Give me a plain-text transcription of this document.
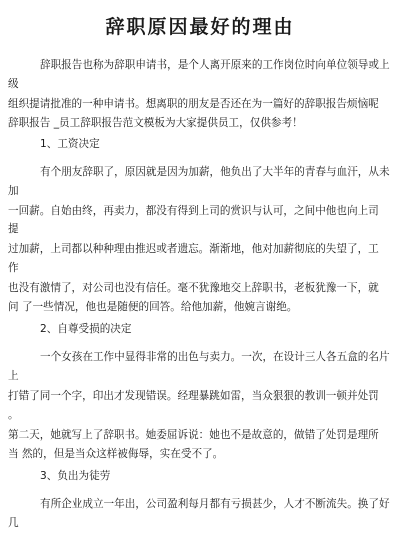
辞职原因最好的理由
辞职报告也称为辞职申请书，是个人离开原来的工作岗位时向单位领导或上
级
组织提请批准的一种申请书。想离职的朋友是否还在为一篇好的辞职报告烦恼呢
辞职报告 _员工辞职报告范文模板为大家提供员工，仅供参考！
1、工资决定
有个朋友辞职了，原因就是因为加薪，他负出了大半年的青春与血汗，从未
加
一回薪。自始由终，再卖力，都没有得到上司的赏识与认可，之间中他也向上司
提
过加薪，上司都以种种理由推迟或者遗忘。渐渐地，他对加薪彻底的失望了，工
作
也没有激情了，对公司也没有信任。毫不犹豫地交上辞职书，老板犹豫一下，就
问 了一些情况，他也是随便的回答。给他加薪，他婉言谢绝。
2、自尊受损的决定
一个女孩在工作中显得非常的出色与卖力。一次，在设计三人各五盒的名片
上
打错了同一个字，印出才发现错误。经理暴跳如雷，当众狠狠的教训一顿并处罚
。
第二天，她就写上了辞职书。她委屈诉说：她也不是故意的，做错了处罚是理所
当 然的，但是当众这样被侮辱，实在受不了。
3、负出为徒劳
有所企业成立一年出，公司盈利每月都有亏损甚少，人才不断流失。换了好
几
